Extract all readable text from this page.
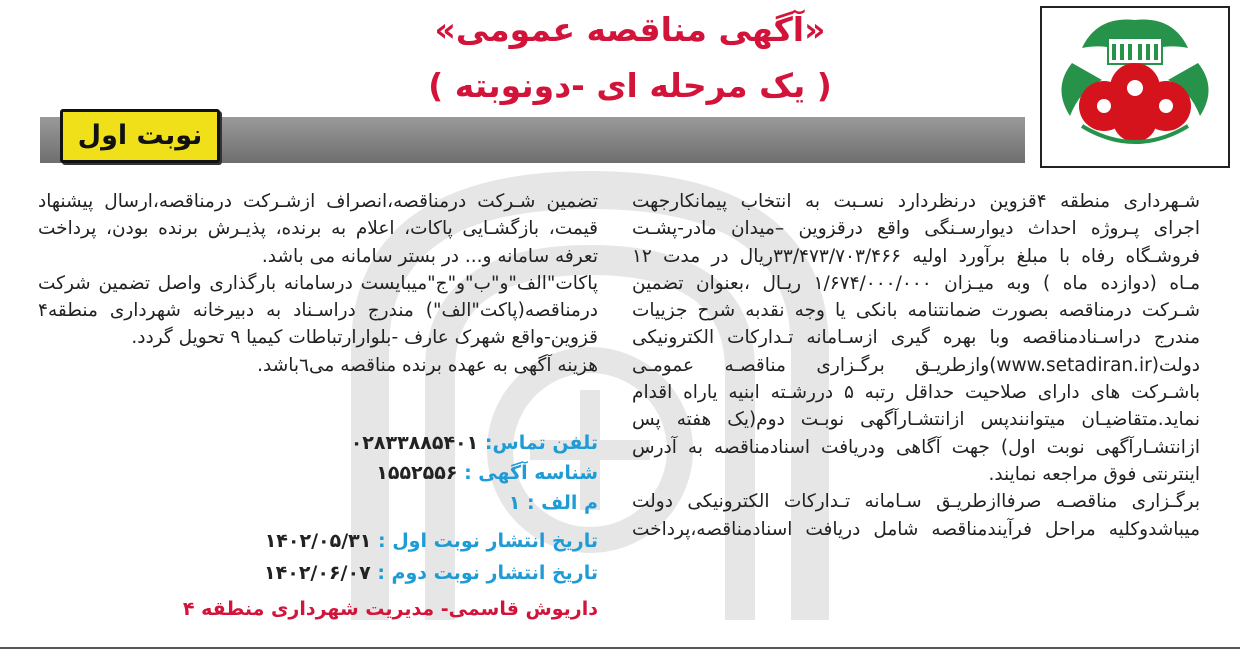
«آگهی مناقصه عمومی»
( یک مرحله ای -دونوبته )
نوبت اول
شـهرداری منطقه ۴قزوین درنظردارد نسـبت به انتخاب پیمانکارجهت
اجرای پـروژه احداث دیوارسـنگی واقع درقزوین –میدان مادر-پشـت
فروشـگاه رفاه با مبلغ برآورد اولیه ۳۳/۴۷۳/۷۰۳/۴۶۶ریال در مدت ۱۲
مـاه (دوازده ماه ) وبه میـزان ۱/۶۷۴/۰۰۰/۰۰۰ ریـال ،بعنوان تضمین
شـرکت درمناقصه بصورت ضمانتنامه بانکی یا وجه نقدبه شرح جزییات
مندرج دراسـنادمناقصه وبا بهره گیری ازسـامانه تـدارکات الکترونیکی
دولت(www.setadiran.ir)وازطریـق برگـزاری مناقصـه عمومـی
باشـرکت های دارای صلاحیت حداقل رتبه ۵ دررشـته ابنیه یاراه اقدام
نماید.متقاضیـان میتوانندپس ازانتشـارآگهی نوبـت دوم(یک هفته پس
ازانتشـارآگهی نوبت اول) جهت آگاهی ودریافت اسنادمناقصه به آدرس
اینترنتی فوق مراجعه نمایند.
برگـزاری مناقصـه صرفاازطریـق سـامانه تـدارکات الکترونیکی دولت
میباشدوکلیه مراحل فرآیندمناقصه شامل دریافت اسنادمناقصه،پرداخت
تضمین شـرکت درمناقصه،انصراف ازشـرکت درمناقصه،ارسال پیشنهاد
قیمت، بازگشـایی پاکات، اعلام به برنده، پذیـرش برنده بودن، پرداخت
تعرفه سامانه و... در بستر سامانه می باشد.
پاکات"الف"و"ب"و"ج"میبایست درسامانه بارگذاری واصل تضمین شرکت
درمناقصه(پاکت"الف") مندرج دراسـناد به دبیرخانه شهرداری منطقه۴
قزوین-واقع شهرک عارف -بلوارارتباطات کیمیا ۹ تحویل گردد.
هزینه آگهی به عهده برنده مناقصه می٦باشد.
تلفن تماس: ۰۲۸۳۳۸۸۵۴۰۱
شناسه آگهی : ۱۵۵۲۵۵۶
م الف : ۱
تاریخ انتشار نوبت اول : ۱۴۰۲/۰۵/۳۱
تاریخ انتشار نوبت دوم : ۱۴۰۲/۰۶/۰۷
داریوش قاسمی- مدیریت شهرداری منطقه ۴
